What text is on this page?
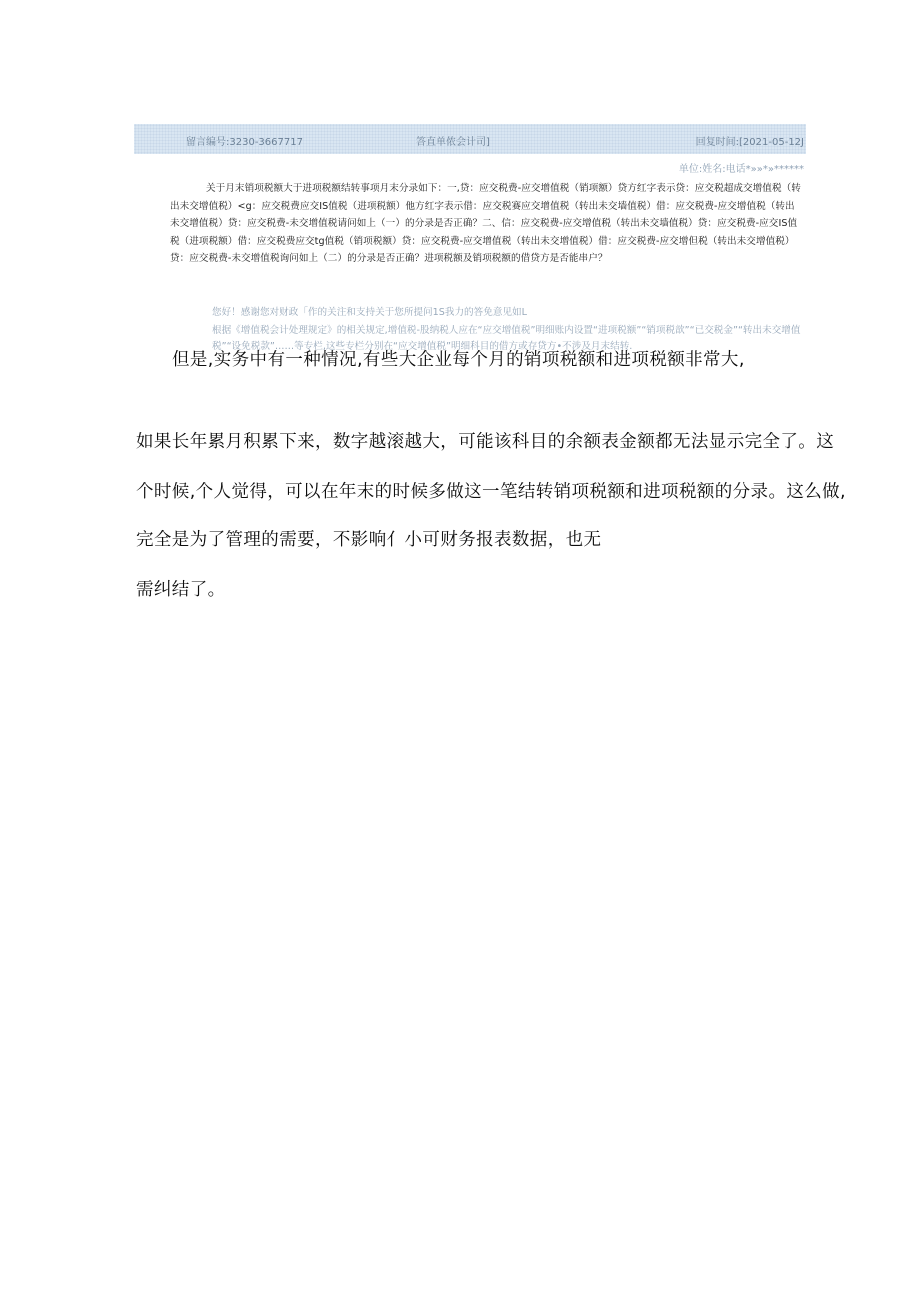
留言编号:3230-3667717	答直单侬会计司]	回复时间:[2021-05-12J
单位:姓名:电话*»»*»******

关于月末销项税额大于进项税额结转事项月末分录如下：一,贷：应交税费-应交增值税（销项额）贷方红字表示贷：应交税超成交增值税（转出未交增值税）<g：应交税费应交IS值税（进项税额）他方红字表示借：应交税赛应交增值税（转出未交墙值税）借：应交税费-应交增值税（转出未交增值税）贷：应交税费-未交增值税请问如上（一）的分录是否正确？二、信：应交税费-应交增值税（转出未交墙值税）贷：应交税费-应交IS值税（进项税额）借：应交税费应交tg值税（销项税额）贷：应交税费-应交增值税（转出未交增值税）借：应交税费-应交增但税（转出未交增值税）贷：应交税费-未交增值税询问如上（二）的分录是否正确？进项税额及销项税额的借贷方是否能串户？

您好！感谢您对财政「作的关注和支持关于您所提问1S我力的答免意见如L

根据《增值税会计处理规定》的相关规定,增值税-股纳税人应在“应交增值税”明细账内设置“进项税额”“销项税歆”“已交税金”“转出未交增值税”“设免税款”……等专栏,这些专栏分别在“应交增值税”明细科目的借方或存贷方•不涉及月末结转.

但是,实务中有一种情况,有些大企业每个月的销项税额和进项税额非常大,

如果长年累月积累下来，数字越滚越大，可能该科目的余额表金额都无法显示完全了。这

个时候,个人觉得，可以在年末的时候多做这一笔结转销项税额和进项税额的分录。这么做,

完全是为了管理的需要，不影响亻小可财务报表数据，也无

需纠结了。
